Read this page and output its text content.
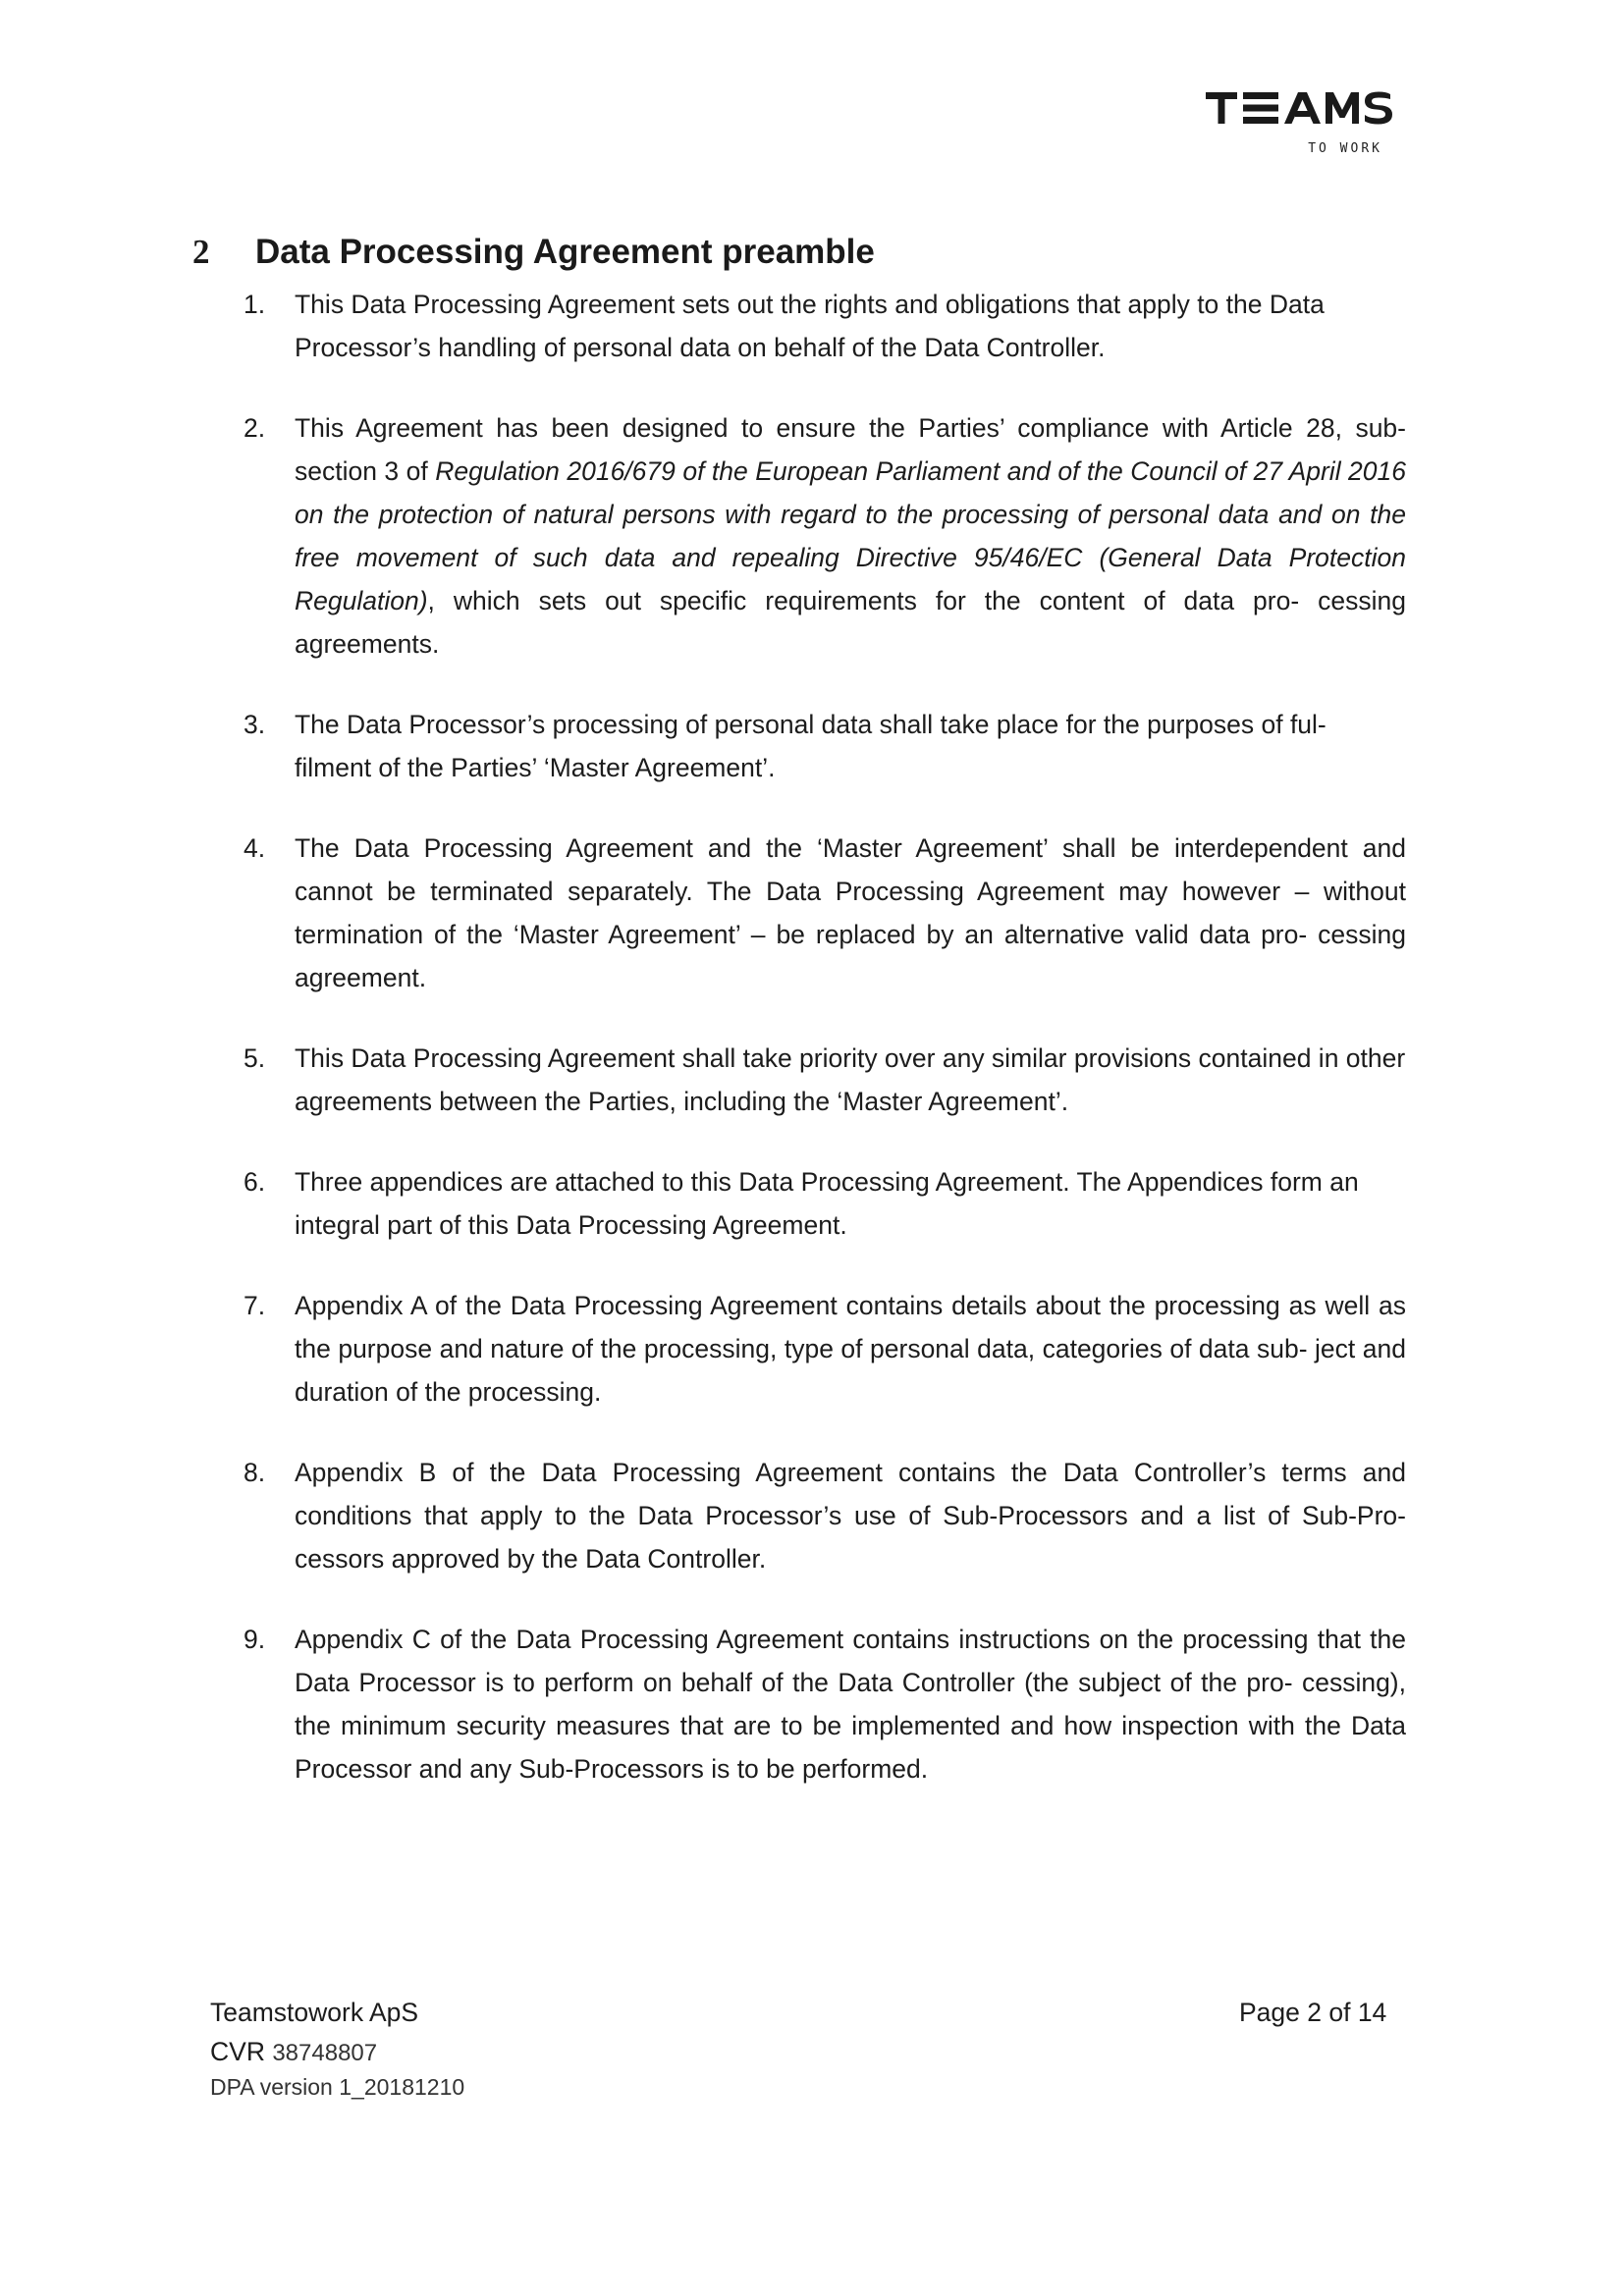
TO WORK
2 Data Processing Agreement preamble
1.	This Data Processing Agreement sets out the rights and obligations that apply to the Data Processor’s handling of personal data on behalf of the Data Controller.
2.	This Agreement has been designed to ensure the Parties’ compliance with Article 28, sub- section 3 of Regulation 2016/679 of the European Parliament and of the Council of 27 April 2016 on the protection of natural persons with regard to the processing of personal data and on the free movement of such data and repealing Directive 95/46/EC (General Data Protection Regulation), which sets out specific requirements for the content of data pro- cessing agreements.
3.	The Data Processor’s processing of personal data shall take place for the purposes of ful- filment of the Parties’ ‘Master Agreement’.
4.	The Data Processing Agreement and the ‘Master Agreement’ shall be interdependent and cannot be terminated separately. The Data Processing Agreement may however – without termination of the ‘Master Agreement’ – be replaced by an alternative valid data pro- cessing agreement.
5.	This Data Processing Agreement shall take priority over any similar provisions contained in other agreements between the Parties, including the ‘Master Agreement’.
6.	Three appendices are attached to this Data Processing Agreement. The Appendices form an integral part of this Data Processing Agreement.
7.	Appendix A of the Data Processing Agreement contains details about the processing as well as the purpose and nature of the processing, type of personal data, categories of data sub- ject and duration of the processing.
8.	Appendix B of the Data Processing Agreement contains the Data Controller’s terms and conditions that apply to the Data Processor’s use of Sub-Processors and a list of Sub-Pro- cessors approved by the Data Controller.
9.	Appendix C of the Data Processing Agreement contains instructions on the processing that the Data Processor is to perform on behalf of the Data Controller (the subject of the pro- cessing), the minimum security measures that are to be implemented and how inspection with the Data Processor and any Sub-Processors is to be performed.
Teamstowork ApS
CVR 38748807
DPA version 1_20181210
Page 2 of 14
